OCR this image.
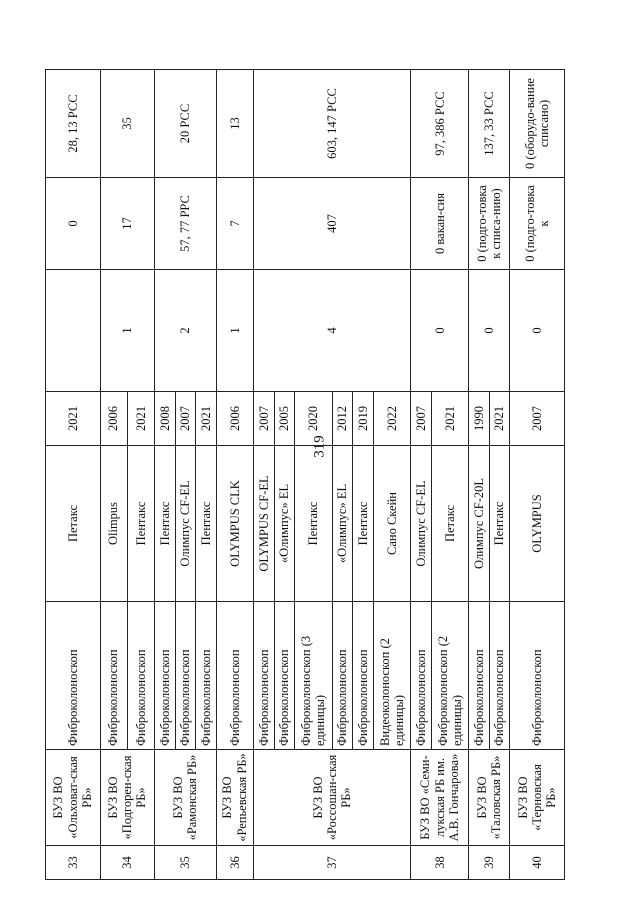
319
33	БУЗ ВО «Ольховат-ская РБ»	Фиброколоноскоп	Петакс	2021		0	28, 13 РСС
34	БУЗ ВО «Подгорен-ская РБ»	Фиброколоноскоп	Olimpus	2006	1	17	35
		Фиброколоноскоп	Пентакс	2021			
35	БУЗ ВО «Рамонская РБ»	Фиброколоноскоп	Пентакс	2008	2	57, 77 РРС	20 РСС
		Фиброколоноскоп	Олимпус CF-EL	2007			
		Фиброколоноскоп	Пентакс	2021			
36	БУЗ ВО «Репьевская РБ»	Фиброколоноскоп	OLYMPUS CLK	2006	1	7	13
37	БУЗ ВО «Россошан-ская РБ»	Фиброколоноскоп	OLYMPUS CF-EL	2007	4	407	603, 147 РСС
		Фиброколоноскоп	«Олимпус» EL	2005			
		Фиброколоноскоп (3 единицы)	Пентакс	2020			
		Фиброколоноскоп	«Олимпус» EL	2012			
		Фиброколоноскоп	Пентакс	2019			
		Видеоколоноскоп (2 единицы)	Сано Скейн	2022			
38	БУЗ ВО «Семи-лукская РБ им. А.В. Гончарова»	Фиброколоноскоп	Олимпус CF-EL	2007	0	0 вакан-сия	97, 386 РСС
		Фиброколоноскоп (2 единицы)	Петакс	2021			
39	БУЗ ВО «Таловская РБ»	Фиброколоноскоп	Олимпус CF-20L	1990	0	0 (подго-товка к списа-нию)	137, 33 РСС
		Фиброколоноскоп	Пентакс	2021			
40	БУЗ ВО «Терновская РБ»	Фиброколоноскоп	OLYMPUS	2007	0	0 (подго-товка к	0 (оборудо-вание списано)
